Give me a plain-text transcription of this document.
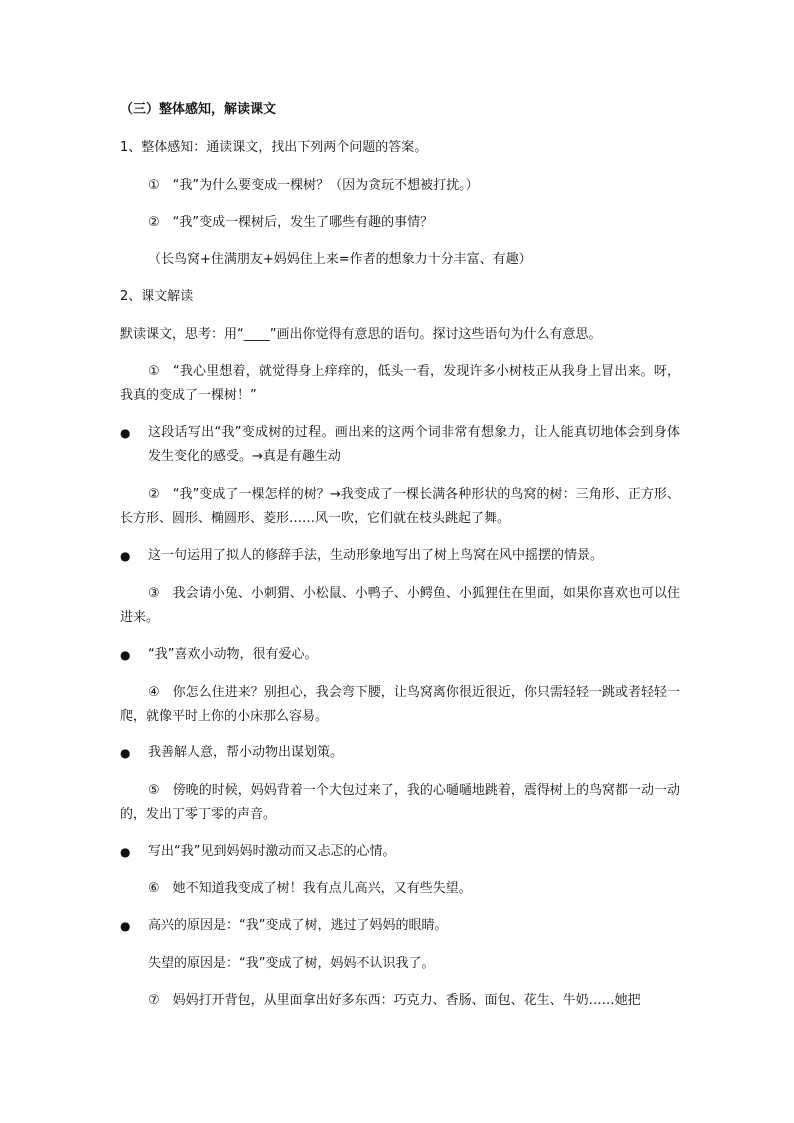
（三）整体感知，解读课文
1、整体感知：通读课文，找出下列两个问题的答案。
①　“我”为什么要变成一棵树？（因为贪玩不想被打扰。）
②　“我”变成一棵树后，发生了哪些有趣的事情？
（长鸟窝+住满朋友+妈妈住上来=作者的想象力十分丰富、有趣）
2、课文解读
默读课文，思考：用“____”画出你觉得有意思的语句。探讨这些语句为什么有意思。
①　“我心里想着，就觉得身上痒痒的，低头一看，发现许多小树枝正从我身上冒出来。呀，我真的变成了一棵树！”
●	这段话写出“我”变成树的过程。画出来的这两个词非常有想象力，让人能真切地体会到身体发生变化的感受。→真是有趣生动
②　“我”变成了一棵怎样的树？→我变成了一棵长满各种形状的鸟窝的树：三角形、正方形、长方形、圆形、椭圆形、菱形……风一吹，它们就在枝头跳起了舞。
●	这一句运用了拟人的修辞手法，生动形象地写出了树上鸟窝在风中摇摆的情景。
③　我会请小兔、小刺猬、小松鼠、小鸭子、小鳄鱼、小狐狸住在里面，如果你喜欢也可以住进来。
●	“我”喜欢小动物，很有爱心。
④　你怎么住进来？别担心，我会弯下腰，让鸟窝离你很近很近，你只需轻轻一跳或者轻轻一爬，就像平时上你的小床那么容易。
●	我善解人意，帮小动物出谋划策。
⑤　傍晚的时候，妈妈背着一个大包过来了，我的心嗵嗵地跳着，震得树上的鸟窝都一动一动的，发出丁零丁零的声音。
●	写出“我”见到妈妈时激动而又忐忑的心情。
⑥　她不知道我变成了树！我有点儿高兴，又有些失望。
●	高兴的原因是：“我”变成了树，逃过了妈妈的眼睛。
失望的原因是：“我”变成了树，妈妈不认识我了。
⑦　妈妈打开背包，从里面拿出好多东西：巧克力、香肠、面包、花生、牛奶……她把
